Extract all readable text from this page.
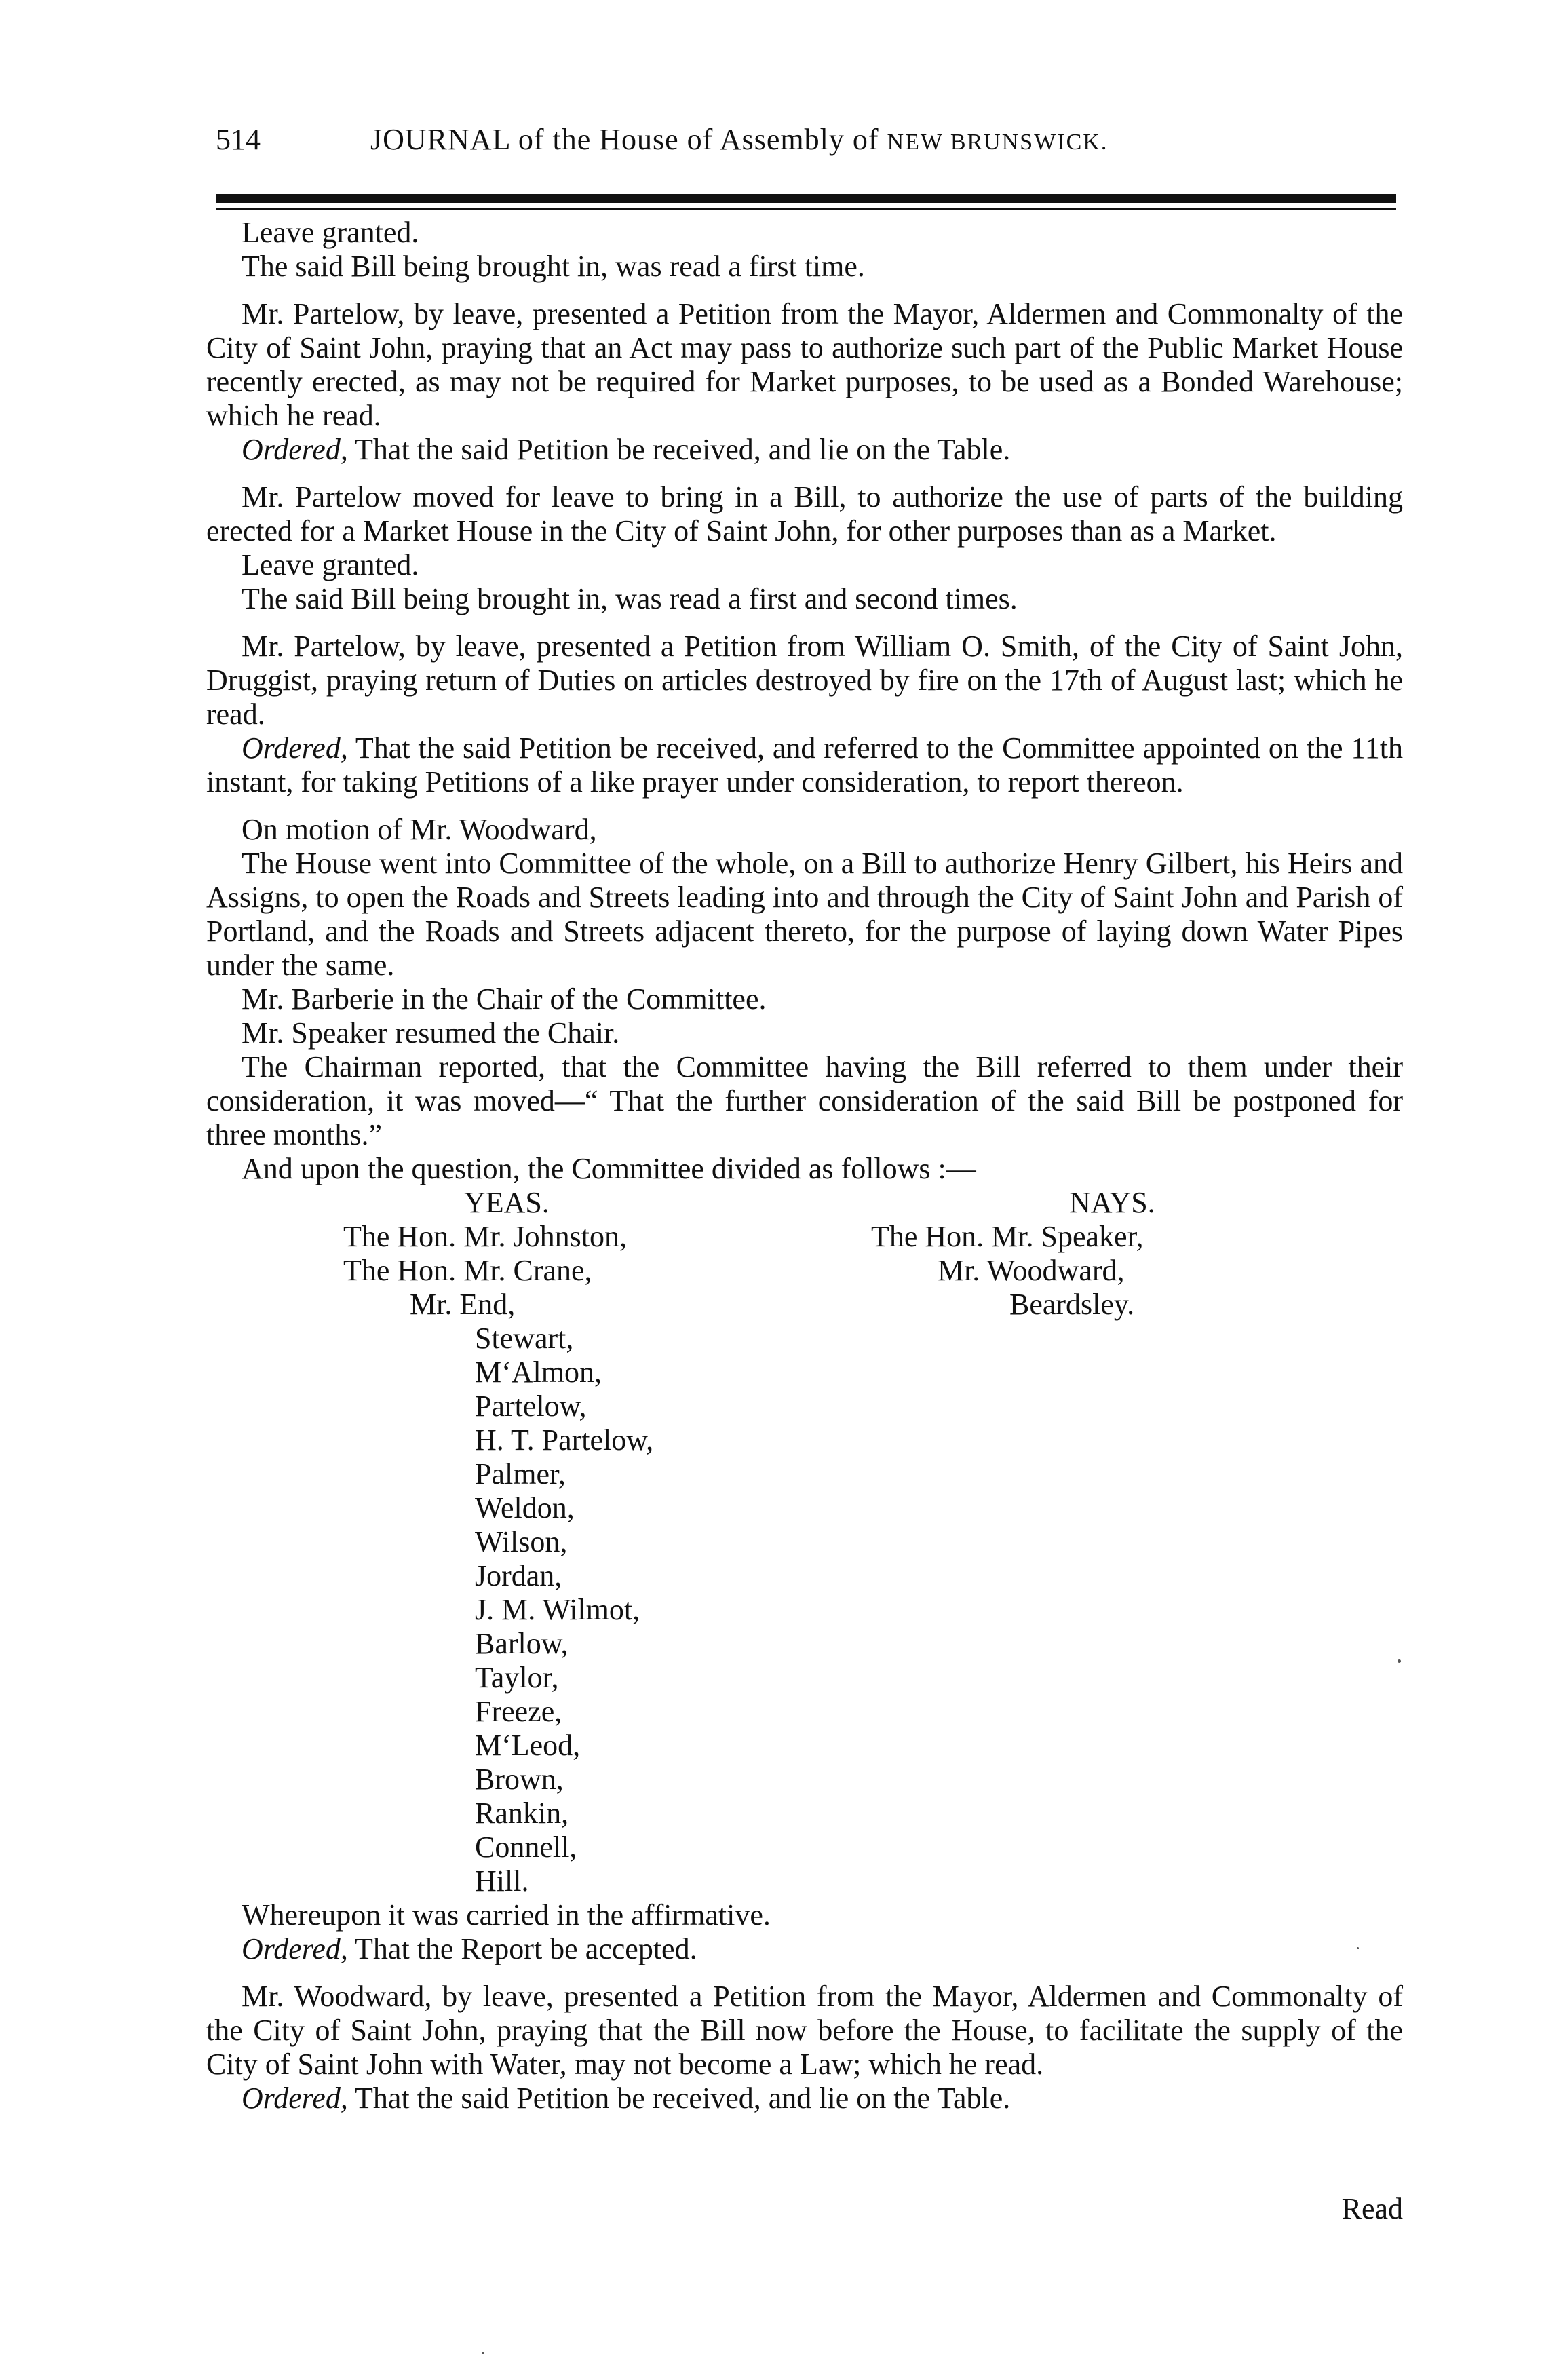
514	JOURNAL of the House of Assembly of NEW BRUNSWICK.

Leave granted.

The said Bill being brought in, was read a first time.

Mr. Partelow, by leave, presented a Petition from the Mayor, Aldermen and Commonalty of the City of Saint John, praying that an Act may pass to authorize such part of the Public Market House recently erected, as may not be required for Market purposes, to be used as a Bonded Warehouse; which he read.

Ordered, That the said Petition be received, and lie on the Table.

Mr. Partelow moved for leave to bring in a Bill, to authorize the use of parts of the building erected for a Market House in the City of Saint John, for other purposes than as a Market.

Leave granted.

The said Bill being brought in, was read a first and second times.

Mr. Partelow, by leave, presented a Petition from William O. Smith, of the City of Saint John, Druggist, praying return of Duties on articles destroyed by fire on the 17th of August last; which he read.

Ordered, That the said Petition be received, and referred to the Committee appointed on the 11th instant, for taking Petitions of a like prayer under consideration, to report thereon.

On motion of Mr. Woodward,

The House went into Committee of the whole, on a Bill to authorize Henry Gilbert, his Heirs and Assigns, to open the Roads and Streets leading into and through the City of Saint John and Parish of Portland, and the Roads and Streets adjacent thereto, for the purpose of laying down Water Pipes under the same.

Mr. Barberie in the Chair of the Committee.

Mr. Speaker resumed the Chair.

The Chairman reported, that the Committee having the Bill referred to them under their consideration, it was moved—“ That the further consideration of the said Bill be postponed for three months.”

And upon the question, the Committee divided as follows :—

YEAS.	NAYS.
The Hon. Mr. Johnston,
The Hon. Mr. Crane,
Mr. End,
Stewart,
M‘Almon,
Partelow,
H. T. Partelow,
Palmer,
Weldon,
Wilson,
Jordan,
J. M. Wilmot,
Barlow,
Taylor,
Freeze,
M‘Leod,
Brown,
Rankin,
Connell,
Hill.
The Hon. Mr. Speaker,
Mr. Woodward,
Beardsley.

Whereupon it was carried in the affirmative.

Ordered, That the Report be accepted.

Mr. Woodward, by leave, presented a Petition from the Mayor, Aldermen and Commonalty of the City of Saint John, praying that the Bill now before the House, to facilitate the supply of the City of Saint John with Water, may not become a Law; which he read.

Ordered, That the said Petition be received, and lie on the Table.

Read
